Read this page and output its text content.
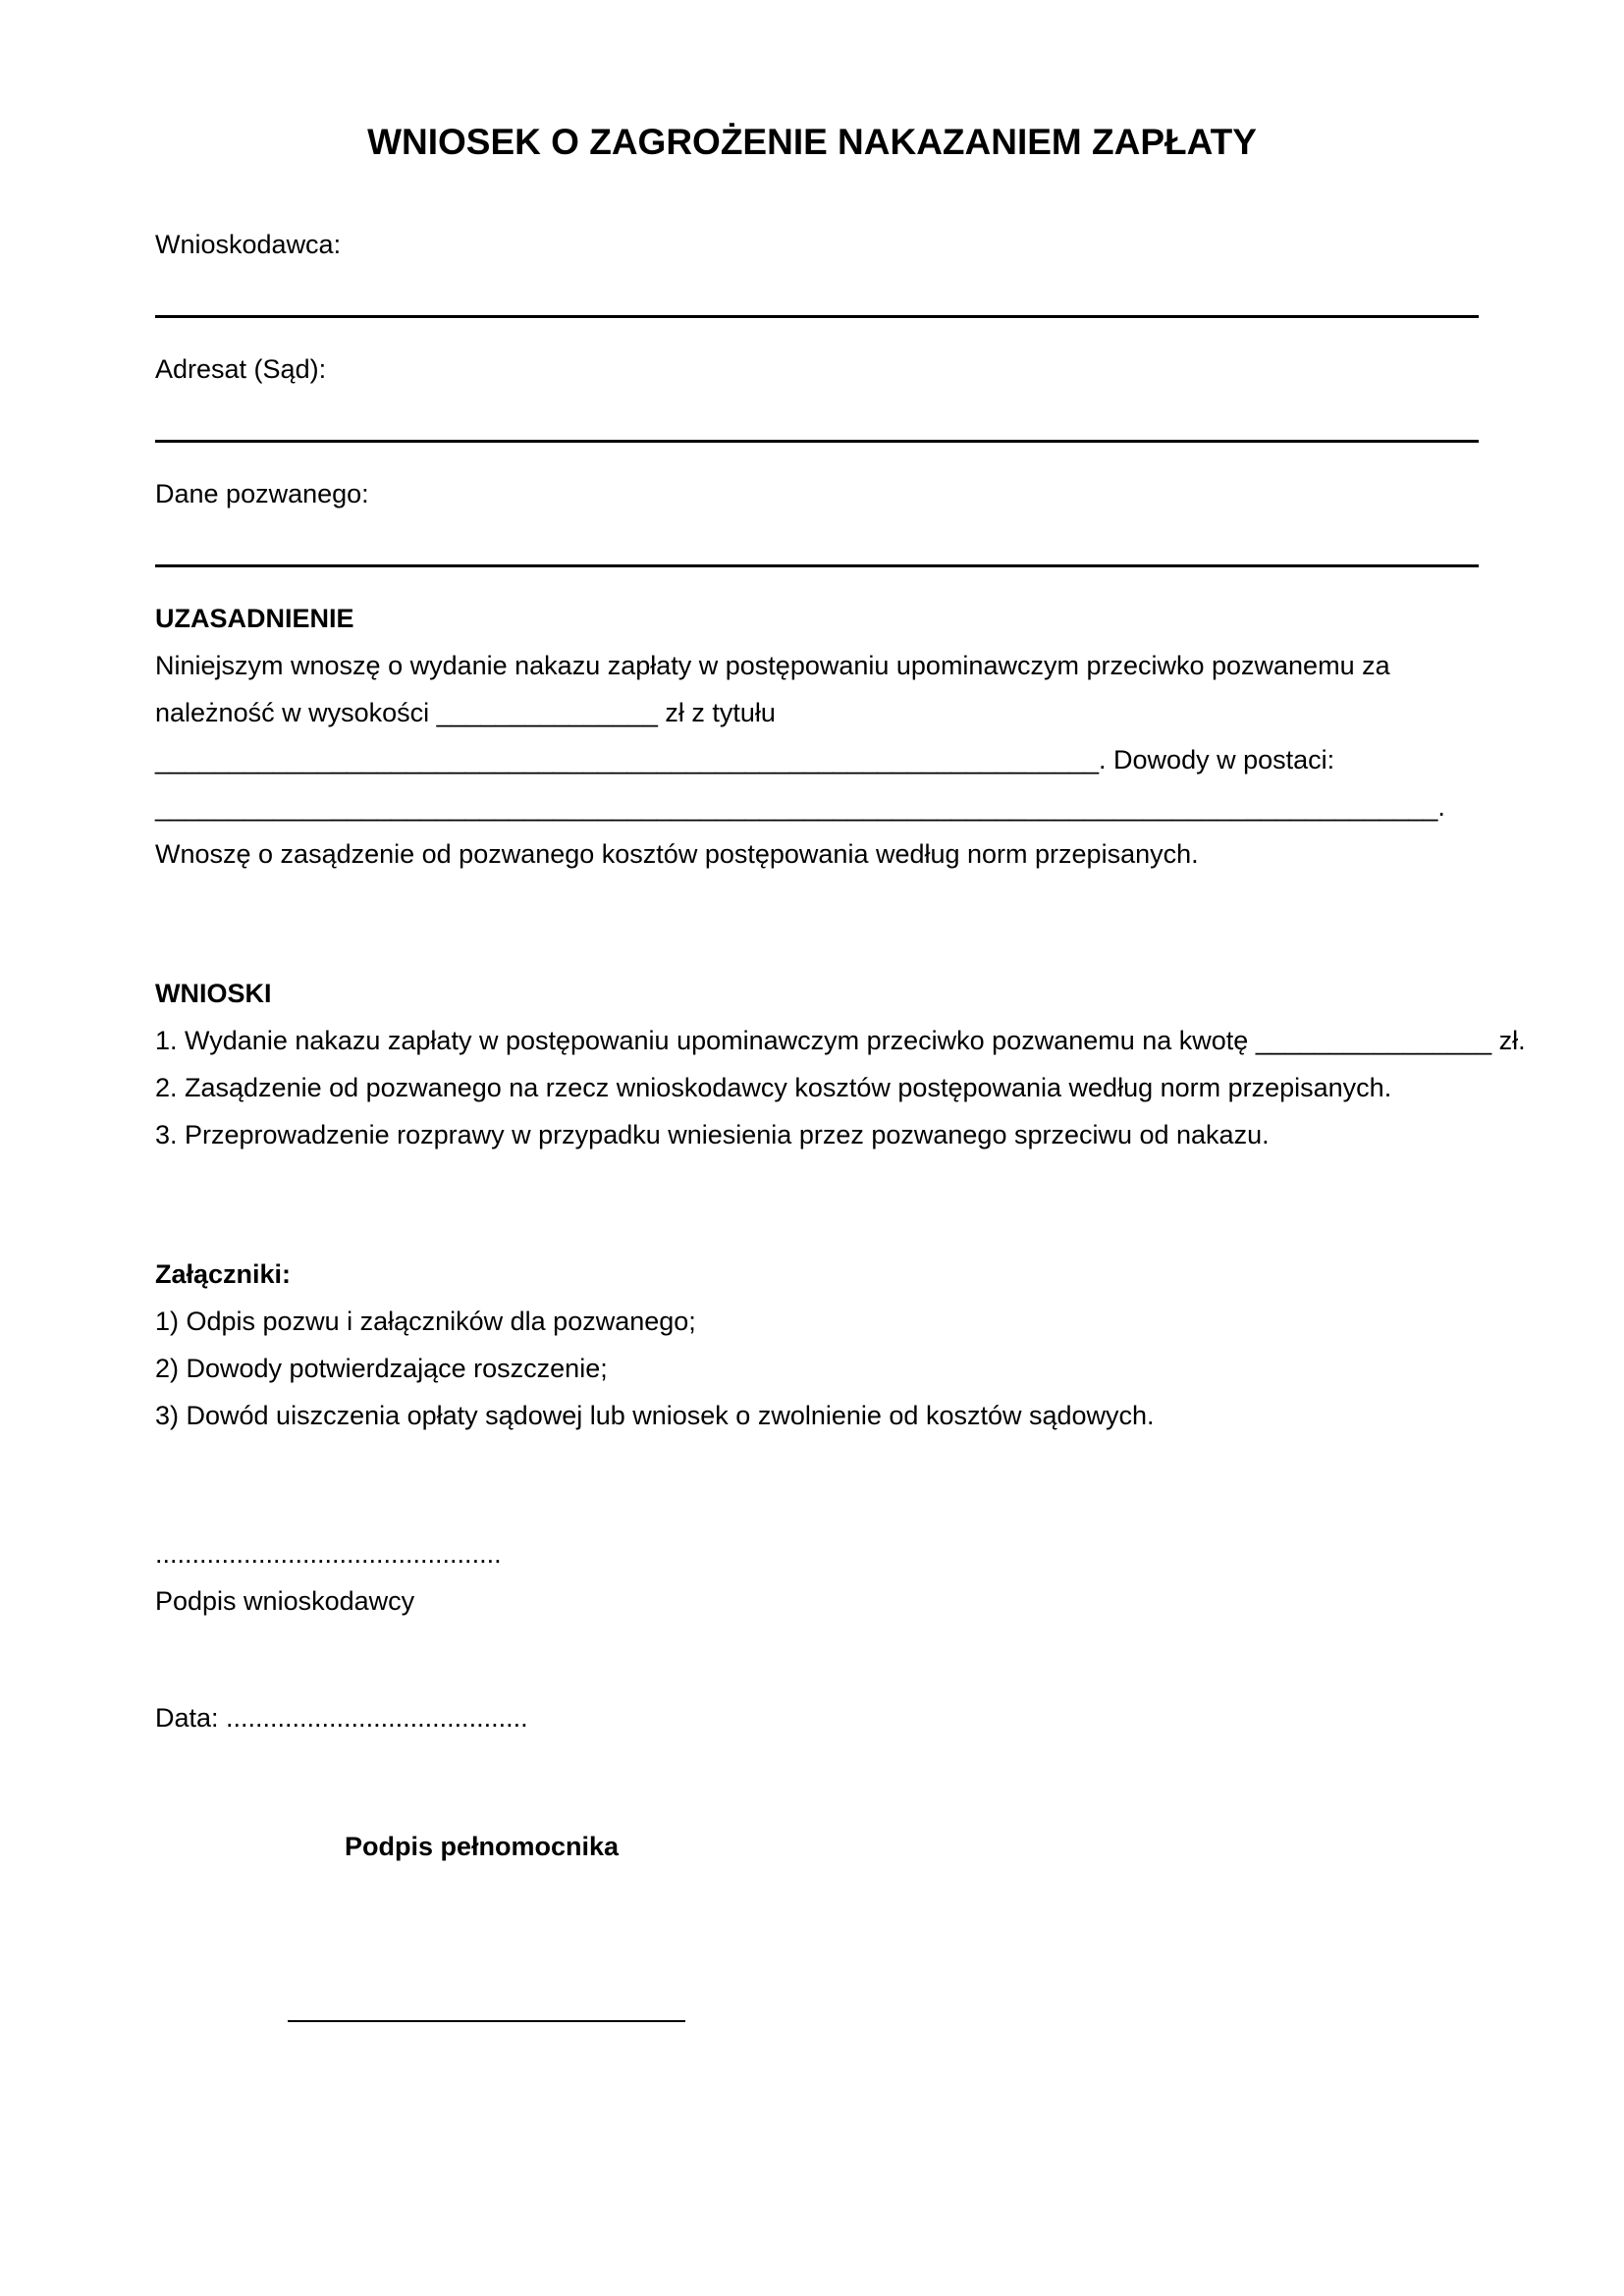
WNIOSEK O ZAGROŻENIE NAKAZANIEM ZAPŁATY
Wnioskodawca:
Adresat (Sąd):
Dane pozwanego:
UZASADNIENIE
Niniejszym wnoszę o wydanie nakazu zapłaty w postępowaniu upominawczym przeciwko pozwanemu za
należność w wysokości _______________ zł z tytułu
________________________________________________________________. Dowody w postaci:
_______________________________________________________________________________________.
Wnoszę o zasądzenie od pozwanego kosztów postępowania według norm przepisanych.
WNIOSKI
1. Wydanie nakazu zapłaty w postępowaniu upominawczym przeciwko pozwanemu na kwotę ________________ zł.
2. Zasądzenie od pozwanego na rzecz wnioskodawcy kosztów postępowania według norm przepisanych.
3. Przeprowadzenie rozprawy w przypadku wniesienia przez pozwanego sprzeciwu od nakazu.
Załączniki:
1) Odpis pozwu i załączników dla pozwanego;
2) Dowody potwierdzające roszczenie;
3) Dowód uiszczenia opłaty sądowej lub wniosek o zwolnienie od kosztów sądowych.
...............................................
Podpis wnioskodawcy
Data: .........................................
Podpis pełnomocnika
